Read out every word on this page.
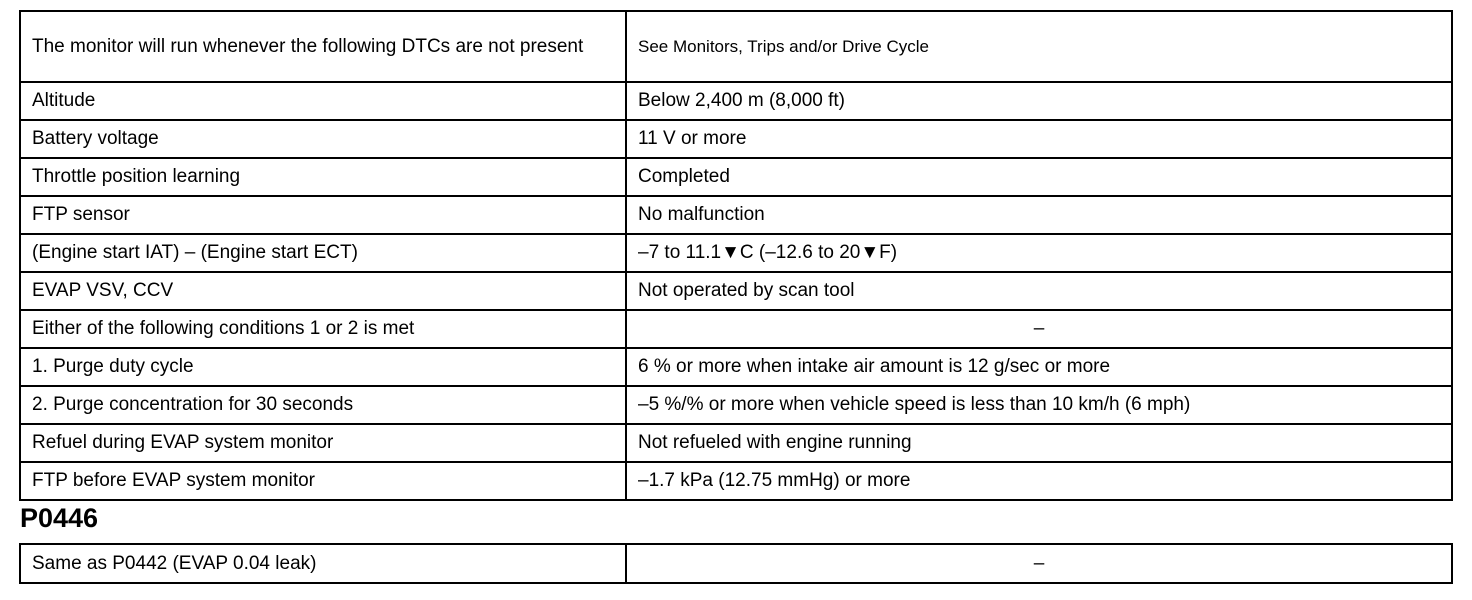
The monitor will run whenever the following DTCs are not present	See Monitors, Trips and/or Drive Cycle
Altitude	Below 2,400 m (8,000 ft)
Battery voltage	11 V or more
Throttle position learning	Completed
FTP sensor	No malfunction
(Engine start IAT) – (Engine start ECT)	–7 to 11.1▼C (–12.6 to 20▼F)
EVAP VSV, CCV	Not operated by scan tool
Either of the following conditions 1 or 2 is met	–
1. Purge duty cycle	6 % or more when intake air amount is 12 g/sec or more
2. Purge concentration for 30 seconds	–5 %/% or more when vehicle speed is less than 10 km/h (6 mph)
Refuel during EVAP system monitor	Not refueled with engine running
FTP before EVAP system monitor	–1.7 kPa (12.75 mmHg) or more
P0446
Same as P0442 (EVAP 0.04 leak)	–
